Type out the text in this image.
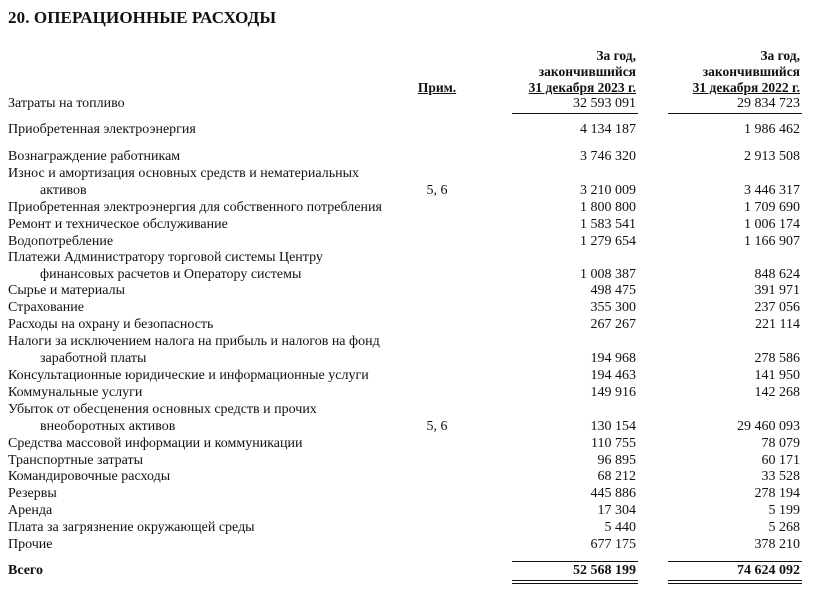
20. ОПЕРАЦИОННЫЕ РАСХОДЫ
Прим.
За год,
закончившийся
31 декабря 2023 г.
За год,
закончившийся
31 декабря 2022 г.
Затраты на топливо	32 593 091	29 834 723
Приобретенная электроэнергия	4 134 187	1 986 462
Вознаграждение работникам	3 746 320	2 913 508
Износ и амортизация основных средств и нематериальных
активов	5, 6	3 210 009	3 446 317
Приобретенная электроэнергия для собственного потребления	1 800 800	1 709 690
Ремонт и техническое обслуживание	1 583 541	1 006 174
Водопотребление	1 279 654	1 166 907
Платежи Администратору торговой системы Центру
финансовых расчетов и Оператору системы	1 008 387	848 624
Сырье и материалы	498 475	391 971
Страхование	355 300	237 056
Расходы на охрану и безопасность	267 267	221 114
Налоги за исключением налога на прибыль и налогов на фонд
заработной платы	194 968	278 586
Консультационные юридические и информационные услуги	194 463	141 950
Коммунальные услуги	149 916	142 268
Убыток от обесценения основных средств и прочих
внеоборотных активов	5, 6	130 154	29 460 093
Средства массовой информации и коммуникации	110 755	78 079
Транспортные затраты	96 895	60 171
Командировочные расходы	68 212	33 528
Резервы	445 886	278 194
Аренда	17 304	5 199
Плата за загрязнение окружающей среды	5 440	5 268
Прочие	677 175	378 210
Всего	52 568 199	74 624 092
